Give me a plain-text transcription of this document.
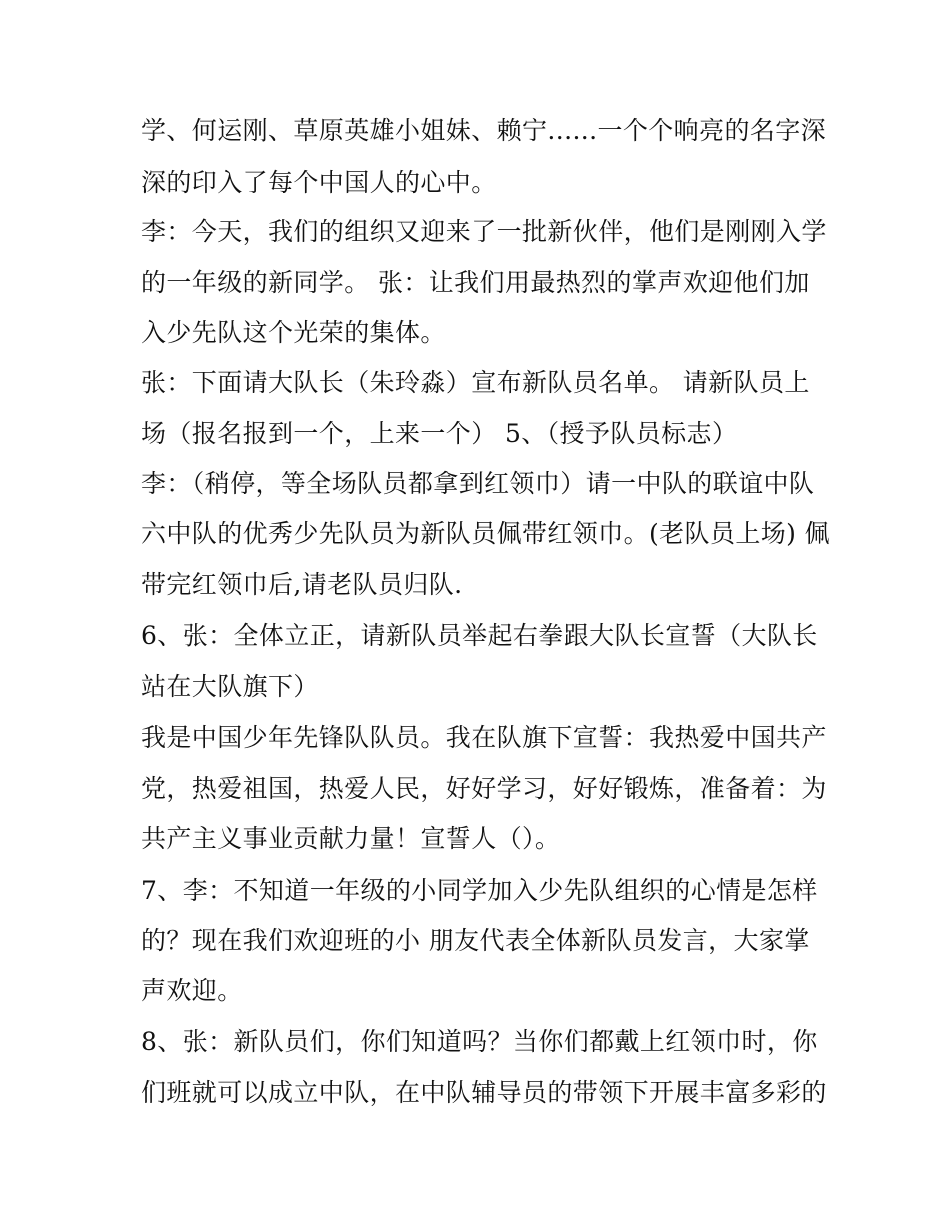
学、何运刚、草原英雄小姐妹、赖宁......一个个响亮的名字深
深的印入了每个中国人的心中。
李：今天，我们的组织又迎来了一批新伙伴，他们是刚刚入学
的一年级的新同学。 张：让我们用最热烈的掌声欢迎他们加
入少先队这个光荣的集体。
张：下面请大队长（朱玲淼）宣布新队员名单。 请新队员上
场（报名报到一个，上来一个） 5、（授予队员标志）
李：（稍停，等全场队员都拿到红领巾）请一中队的联谊中队
六中队的优秀少先队员为新队员佩带红领巾。(老队员上场) 佩
带完红领巾后,请老队员归队.
6、张：全体立正，请新队员举起右拳跟大队长宣誓（大队长
站在大队旗下）
我是中国少年先锋队队员。我在队旗下宣誓：我热爱中国共产
党，热爱祖国，热爱人民，好好学习，好好锻炼，准备着：为
共产主义事业贡献力量！宣誓人（）。
7、李：不知道一年级的小同学加入少先队组织的心情是怎样
的？现在我们欢迎班的小 朋友代表全体新队员发言，大家掌
声欢迎。
8、张：新队员们，你们知道吗？当你们都戴上红领巾时，你
们班就可以成立中队，在中队辅导员的带领下开展丰富多彩的
